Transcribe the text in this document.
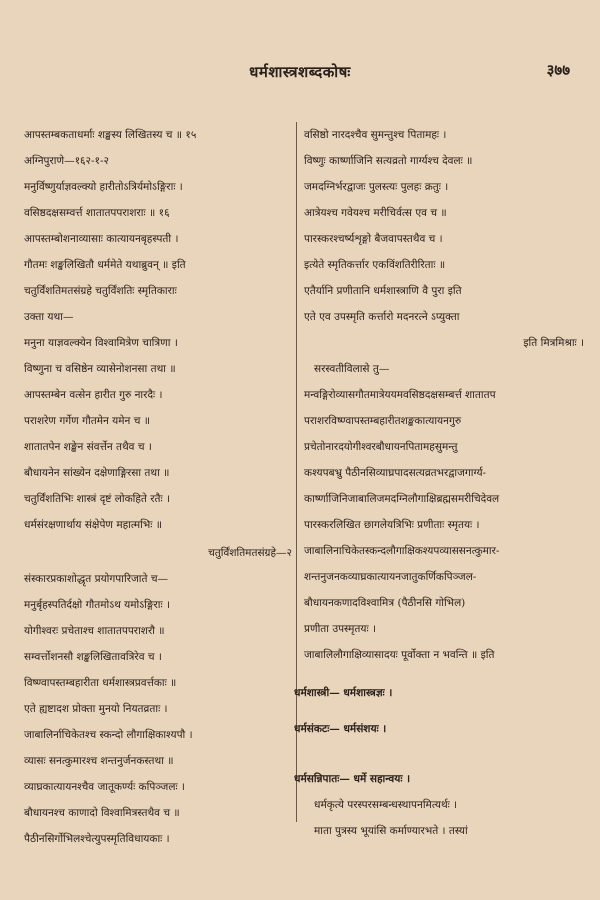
धर्मशास्त्रशब्दकोषः	३७७
आपस्तम्बकताधर्माः शङ्खस्य लिखितस्य च ॥ १५
अग्निपुराणे—१६२-१-२
मनुर्विष्णुर्याज्ञवल्क्यो हारीतोऽत्रिर्यमोऽङ्गिराः ।
वसिष्ठदक्षसम्वर्त्त शातातपपराशराः ॥ १६
आपस्तम्बोशनाव्यासाः कात्यायनबृहस्पती ।
गौतमः शङ्खलिखितौ धर्ममेते यथाब्रुवन् ॥ इति
चतुर्विंशतिमतसंग्रहे चतुर्विंशतिः स्मृतिकाराः
उक्ता यथा—
मनुना याज्ञवल्क्येन विश्वामित्रेण चात्रिणा ।
विष्णुना च वसिष्ठेन व्यासेनोशनसा तथा ॥
आपस्तम्बेन वत्सेन हारीत गुरु नारदैः ।
पराशरेण गर्गेण गौतमेन यमेन च ॥
शातातपेन शङ्खेन संवर्त्तेन तथैव च ।
बौधायनेन सांख्येन दक्षेणाङ्गिरसा तथा ॥
चतुर्विंशतिभिः शास्त्रं दृष्टं लोकहिते रतैः ।
धर्मसंरक्षणार्थाय संक्षेपेण महात्मभिः ॥
चतुर्विंशतिमतसंग्रहे—२
संस्कारप्रकाशोद्धृत प्रयोगपारिजाते च—
मनुर्बृहस्पतिर्दक्षो गौतमोऽथ यमोऽङ्गिराः ।
योगीश्वरः प्रचेताश्च शातातपपराशरौ ॥
सम्वर्त्तोशनसौ शङ्खलिखितावत्रिरेव च ।
विष्ण्वापस्तम्बहारीता धर्मशास्त्रप्रवर्त्तकाः ॥
एते ह्यष्टादश प्रोक्ता मुनयो नियतव्रताः ।
जाबालिर्नाचिकेतश्च स्कन्दो लौगाक्षिकाश्यपौ ।
व्यासः सनत्कुमारश्च शन्तनुर्जनकस्तथा ॥
व्याघ्रकात्यायनश्चैव जातूकर्ण्यः कपिञ्जलः ।
बौधायनश्च काणादो विश्वामित्रस्तथैव च ॥
पैठीनसिर्गोभिलश्चेत्युपस्मृतिविधायकाः ।
वसिष्ठो नारदश्चैव सुमन्तुश्च पितामहः ।
विष्णुः कार्ष्णाजिनि सत्यव्रतो गार्ग्यश्च देवलः ॥
जमदग्निर्भरद्वाजः पुलस्त्यः पुलहः क्रतुः ।
आत्रेयश्च गवेयश्च मरीचिर्वत्स एव च ॥
पारस्करश्चर्ष्यशृङ्गो बैजवापस्तथैव च ।
इत्येते स्मृतिकर्त्तार एकविंशतिरीरिताः ॥
एतैर्यानि प्रणीतानि धर्मशास्त्राणि वै पुरा इति
एते एव उपस्मृति कर्त्तारो मदनरत्ने ऽप्युक्ता
इति मित्रमिश्राः ।
सरस्वतीविलासे तु—
मन्वङ्गिरोव्यासगौतमात्रेययमवसिष्ठदक्षसम्बर्त्त शातातप
पराशरविष्ण्वापस्तम्बहारीतशङ्खकात्यायनगुरु
प्रचेतोनारदयोगीश्वरबौधायनपितामहसुमन्तु
कश्यपबभ्रु पैठीनसिव्याघ्रपादसत्यव्रतभरद्वाजगार्ग्य-
कार्ष्णाजिनिजाबालिजमदग्निलौगाक्षिब्रह्मसमरीचिदेवल
पारस्करलिखित छागलेयत्रिभिः प्रणीताः स्मृतयः ।
जाबालिनाचिकेतस्कन्दलौगाक्षिकश्यपव्याससनत्कुमार-
शन्तनुजनकव्याघ्रकात्यायनजातुकर्णिकपिञ्जल-
बौधायनकणादविश्वामित्र (पैठीनसि गोभिल)
प्रणीता उपस्मृतयः ।
जाबालिलौगाक्षिव्यासादयः पूर्वोक्ता न भवन्ति ॥ इति
धर्मशास्त्री— धर्मशास्त्रज्ञः ।
धर्मसंकटः— धर्मसंशयः ।
धर्मसन्निपातः— धर्मे सहान्वयः ।
धर्मकृत्ये परस्परसम्बन्धस्थापनमित्यर्थः ।
माता पुत्रस्य भूयांसि कर्माण्यारभते । तस्यां
